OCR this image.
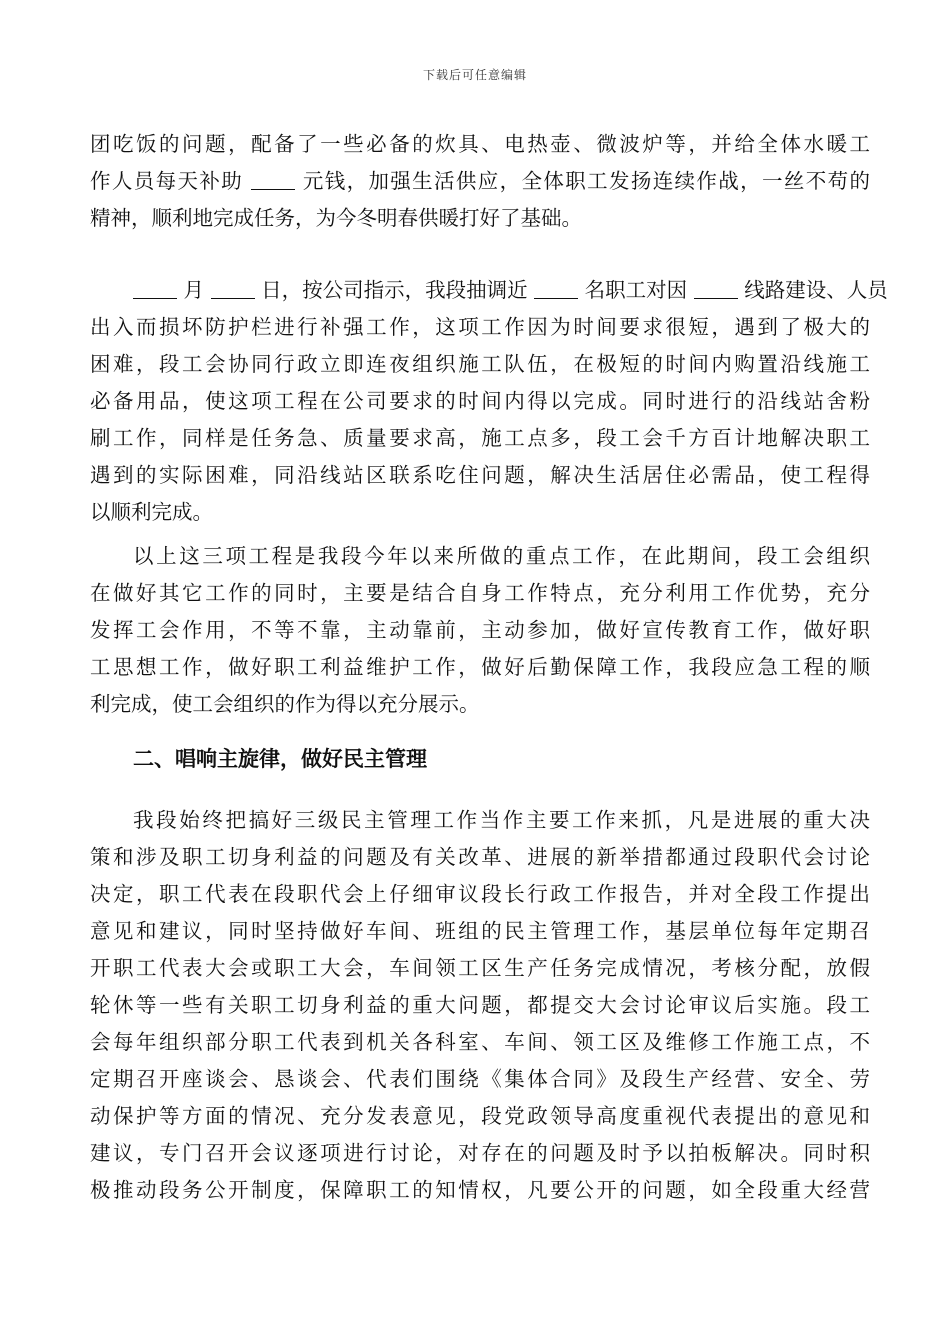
下载后可任意编辑
团吃饭的问题，配备了一些必备的炊具、电热壶、微波炉等，并给全体水暖工
作人员每天补助	元钱，加强生活供应，全体职工发扬连续作战，一丝不苟的
精神，顺利地完成任务，为今冬明春供暖打好了基础。
月	日，按公司指示，我段抽调近	名职工对因	线路建设、人员
出入而损坏防护栏进行补强工作，这项工作因为时间要求很短，遇到了极大的
困难，段工会协同行政立即连夜组织施工队伍，在极短的时间内购置沿线施工
必备用品，使这项工程在公司要求的时间内得以完成。同时进行的沿线站舍粉
刷工作，同样是任务急、质量要求高，施工点多，段工会千方百计地解决职工
遇到的实际困难，同沿线站区联系吃住问题，解决生活居住必需品，使工程得
以顺利完成。
以上这三项工程是我段今年以来所做的重点工作，在此期间，段工会组织
在做好其它工作的同时，主要是结合自身工作特点，充分利用工作优势，充分
发挥工会作用，不等不靠，主动靠前，主动参加，做好宣传教育工作，做好职
工思想工作，做好职工利益维护工作，做好后勤保障工作，我段应急工程的顺
利完成，使工会组织的作为得以充分展示。
二、唱响主旋律，做好民主管理
我段始终把搞好三级民主管理工作当作主要工作来抓，凡是进展的重大决
策和涉及职工切身利益的问题及有关改革、进展的新举措都通过段职代会讨论
决定，职工代表在段职代会上仔细审议段长行政工作报告，并对全段工作提出
意见和建议，同时坚持做好车间、班组的民主管理工作，基层单位每年定期召
开职工代表大会或职工大会，车间领工区生产任务完成情况，考核分配，放假
轮休等一些有关职工切身利益的重大问题，都提交大会讨论审议后实施。段工
会每年组织部分职工代表到机关各科室、车间、领工区及维修工作施工点，不
定期召开座谈会、恳谈会、代表们围绕《集体合同》及段生产经营、安全、劳
动保护等方面的情况、充分发表意见，段党政领导高度重视代表提出的意见和
建议，专门召开会议逐项进行讨论，对存在的问题及时予以拍板解决。同时积
极推动段务公开制度，保障职工的知情权，凡要公开的问题，如全段重大经营
